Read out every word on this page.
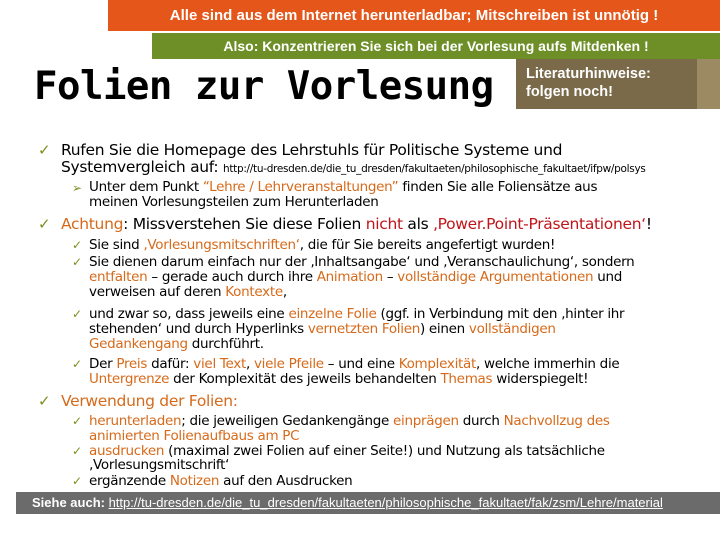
Alle sind aus dem Internet herunterladbar; Mitschreiben ist unnötig !
Also: Konzentrieren Sie sich bei der Vorlesung aufs Mitdenken !
Folien zur Vorlesung Literaturhinweise:
folgen noch!
✓ Rufen Sie die Homepage des Lehrstuhls für Politische Systeme und
Systemvergleich auf: http://tu-dresden.de/die_tu_dresden/fakultaeten/philosophische_fakultaet/ifpw/polsys
➢ Unter dem Punkt “Lehre / Lehrveranstaltungen” finden Sie alle Foliensätze aus
meinen Vorlesungsteilen zum Herunterladen
✓ Achtung: Missverstehen Sie diese Folien nicht als ‚Power.Point-Präsentationen‘!
✓ Sie sind ‚Vorlesungsmitschriften‘, die für Sie bereits angefertigt wurden!
✓ Sie dienen darum einfach nur der ‚Inhaltsangabe‘ und ‚Veranschaulichung‘, sondern
entfalten – gerade auch durch ihre Animation – vollständige Argumentationen und
verweisen auf deren Kontexte,
✓ und zwar so, dass jeweils eine einzelne Folie (ggf. in Verbindung mit den ‚hinter ihr
stehenden‘ und durch Hyperlinks vernetzten Folien) einen vollständigen
Gedankengang durchführt.
✓ Der Preis dafür: viel Text, viele Pfeile – und eine Komplexität, welche immerhin die
Untergrenze der Komplexität des jeweils behandelten Themas widerspiegelt!
✓ Verwendung der Folien:
✓ herunterladen; die jeweiligen Gedankengänge einprägen durch Nachvollzug des
animierten Folienaufbaus am PC
✓ ausdrucken (maximal zwei Folien auf einer Seite!) und Nutzung als tatsächliche
‚Vorlesungsmitschrift‘
Siehe auch: http://tu-dresden.de/die_tu_dresden/fakultaeten/philosophische_fakultaet/fak/zsm/Lehre/material
✓ ergänzende Notizen auf den Ausdrucken
